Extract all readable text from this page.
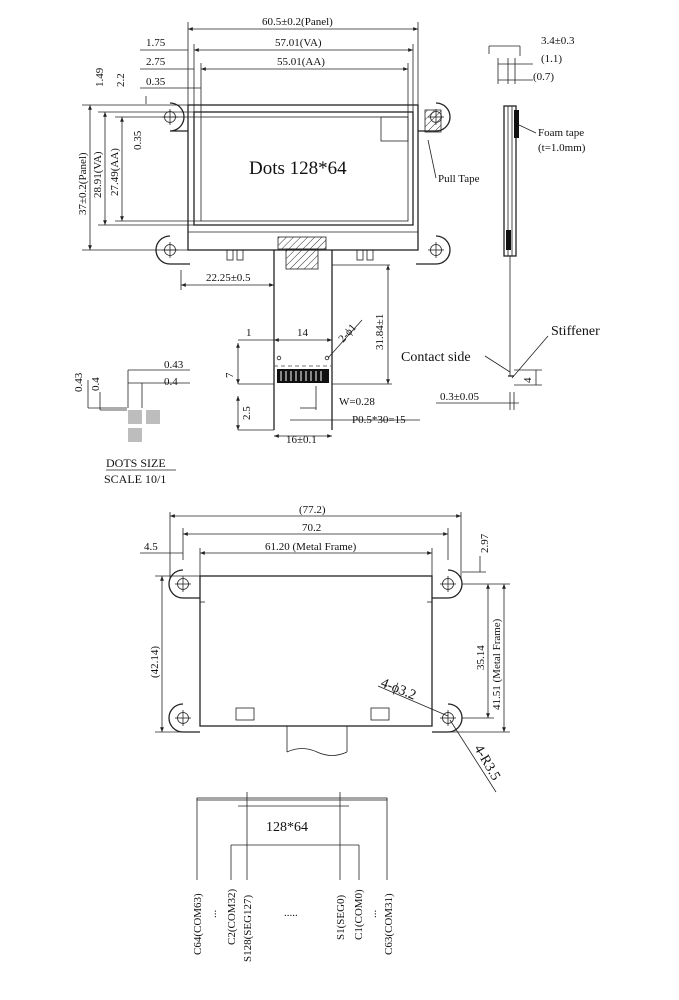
60.5±0.2(Panel)
57.01(VA)
55.01(AA)
1.75
2.75
0.35
37±0.2(Panel) 28.91(VA) 27.49(AA)
1.49 2.2
0.35
Dots 128*64	Pull Tape
22.25±0.5
31.84±1
14
1	2-ϕ1
7
2.5
W=0.28
P0.5*30=15
16±0.1
3.4±0.3
(1.1)
(0.7)
Foam tape
(t=1.0mm)
Stiffener
Contact side
4
0.3±0.05
0.43 0.4
0.43
0.4
DOTS SIZE
SCALE 10/1
(77.2)
70.2
61.20 (Metal Frame)
4.5	2.97
(42.14)	35.14 41.51 (Metal Frame)
4-ϕ3.2
4-R3.5
128*64
C64(COM63) ... C2(COM32) S128(SEG127)	.....	S1(SEG0) C1(COM0) ... C63(COM31)
